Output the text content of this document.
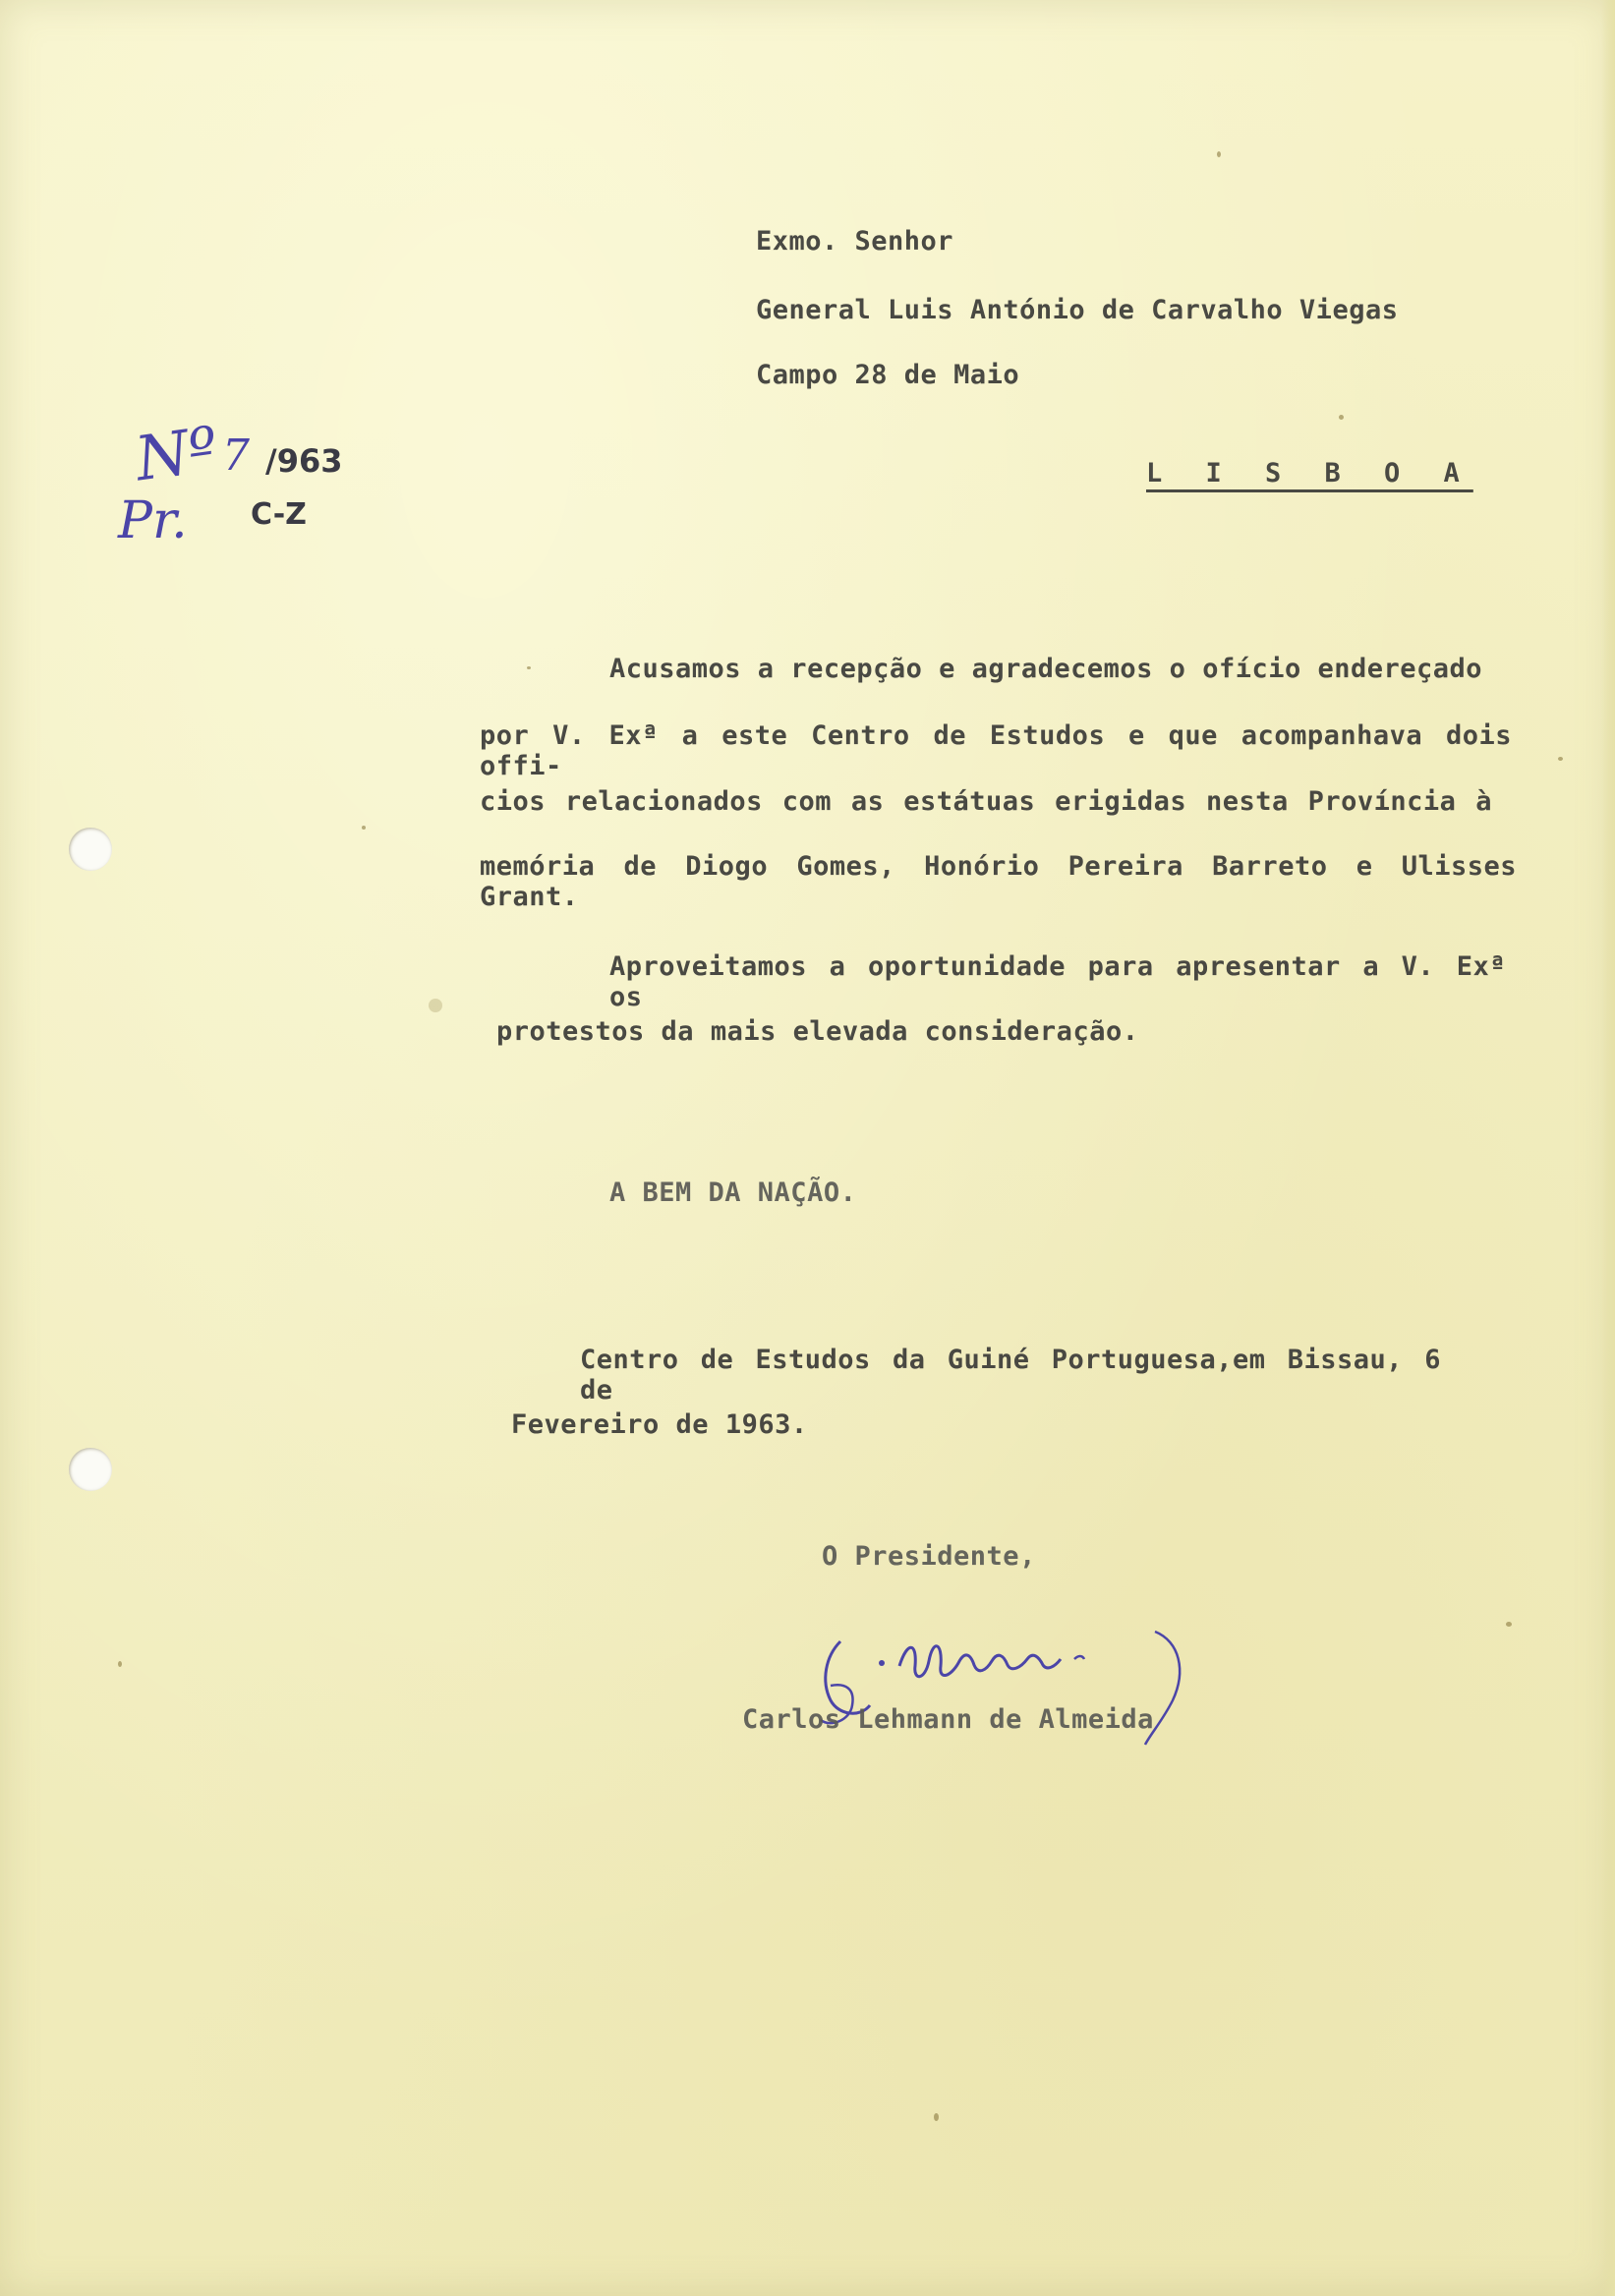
Nº 7 /963
Pr. C-Z
Exmo. Senhor
General Luis António de Carvalho Viegas
Campo 28 de Maio
L I S B O A
Acusamos a recepção e agradecemos o ofício endereçado
por V. Exª a este Centro de Estudos e que acompanhava dois offi-
cios relacionados com as estátuas erigidas nesta Província à
memória de Diogo Gomes, Honório Pereira Barreto e Ulisses Grant.
Aproveitamos a oportunidade para apresentar a V. Exª os
protestos da mais elevada consideração.
A BEM DA NAÇÃO.
Centro de Estudos da Guiné Portuguesa,em Bissau, 6 de
Fevereiro de 1963.
O Presidente,
Carlos Lehmann de Almeida
